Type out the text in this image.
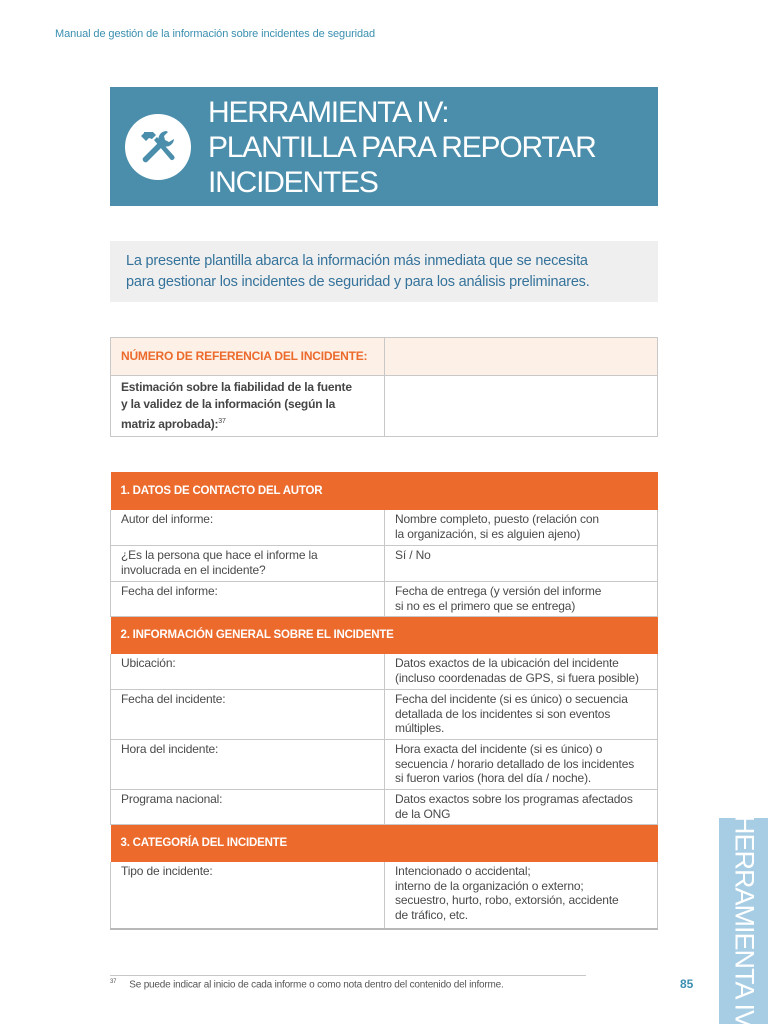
Manual de gestión de la información sobre incidentes de seguridad
HERRAMIENTA IV:
PLANTILLA PARA REPORTAR
INCIDENTES
La presente plantilla abarca la información más inmediata que se necesita
para gestionar los incidentes de seguridad y para los análisis preliminares.
NÚMERO DE REFERENCIA DEL INCIDENTE:	

Estimación sobre la fiabilidad de la fuente
y la validez de la información (según la
matriz aprobada):$^{37}$

1. DATOS DE CONTACTO DEL AUTOR	

Autor del informe:	Nombre completo, puesto (relación con
la organización, si es alguien ajeno)

¿Es la persona que hace el informe la
involucrada en el incidente?	Sí / No

Fecha del informe:	Fecha de entrega (y versión del informe
si no es el primero que se entrega)

2. INFORMACIÓN GENERAL SOBRE EL INCIDENTE	

Ubicación:	Datos exactos de la ubicación del incidente
(incluso coordenadas de GPS, si fuera posible)

Fecha del incidente:	Fecha del incidente (si es único) o secuencia
detallada de los incidentes si son eventos
múltiples.

Hora del incidente:	Hora exacta del incidente (si es único) o
secuencia / horario detallado de los incidentes
si fueron varios (hora del día / noche).

Programa nacional:	Datos exactos sobre los programas afectados
de la ONG

3. CATEGORÍA DEL INCIDENTE	

Tipo de incidente:	Intencionado o accidental;
interno de la organización o externo;
secuestro, hurto, robo, extorsión, accidente
de tráfico, etc.
$^{37}$ Se puede indicar al inicio de cada informe o como nota dentro del contenido del informe.	85 HERRAMIENTA IV
